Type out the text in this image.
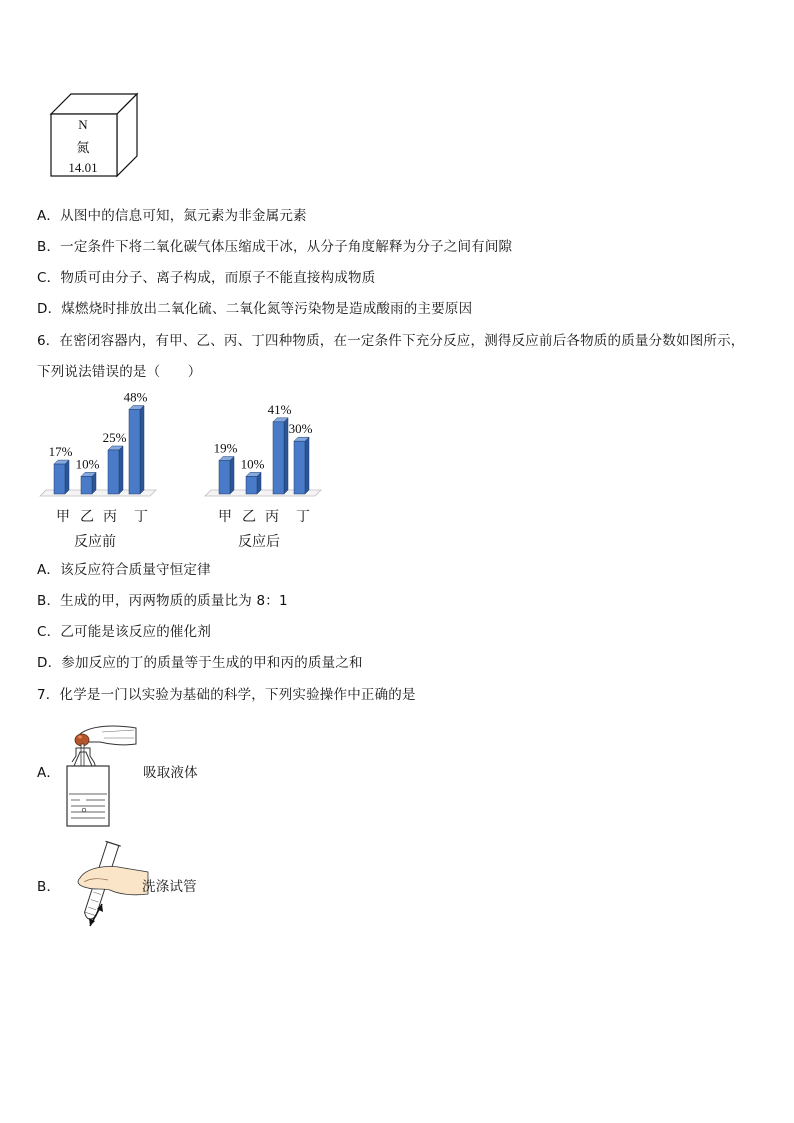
N
氮
14.01
A．从图中的信息可知，氮元素为非金属元素
B．一定条件下将二氧化碳气体压缩成干冰，从分子角度解释为分子之间有间隙
C．物质可由分子、离子构成，而原子不能直接构成物质
D．煤燃烧时排放出二氧化硫、二氧化氮等污染物是造成酸雨的主要原因
6．在密闭容器内，有甲、乙、丙、丁四种物质，在一定条件下充分反应，测得反应前后各物质的质量分数如图所示，
下列说法错误的是（　　）
17%
10%
25%
48%
19%
10%
41%
30%
甲 乙 丙 丁	甲 乙 丙 丁
反应前	反应后
A．该反应符合质量守恒定律
B．生成的甲，丙两物质的质量比为 8：1
C．乙可能是该反应的催化剂
D．参加反应的丁的质量等于生成的甲和丙的质量之和
7．化学是一门以实验为基础的科学，下列实验操作中正确的是
A．	吸取液体
B．	洗涤试管
